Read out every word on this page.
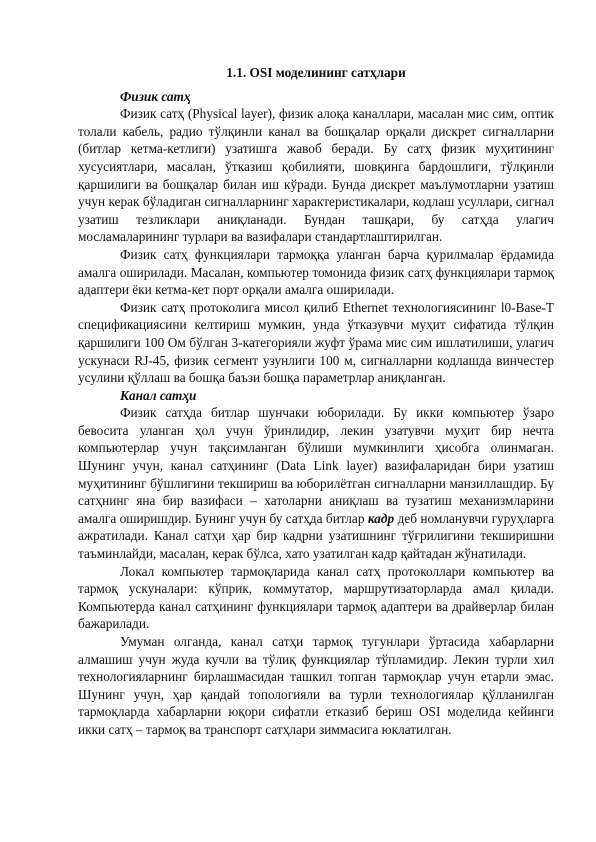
1.1. OSI моделининг сатҳлари
Физик сатҳ

Физик сатҳ (Physical layer), физик алоқа каналлари, масалан мис сим, оптик толали кабель, радио тўлқинли канал ва бошқалар орқали дискрет сигналларни (битлар кетма-кетлиги) узатишга жавоб беради. Бу сатҳ физик муҳитининг хусусиятлари, масалан, ўтказиш қобилияти, шовқинга бардошлиги, тўлқинли қаршилиги ва бошқалар билан иш кўради. Бунда дискрет маълумотларни узатиш учун керак бўладиган сигналларнинг характеристикалари, кодлаш усуллари, сигнал узатиш тезликлари аниқланади. Бундан ташқари, бу сатҳда улагич мосламаларининг турлари ва вазифалари стандартлаштирилган.

Физик сатҳ функциялари тармоққа уланган барча қурилмалар ёрдамида амалга оширилади. Масалан, компьютер томонида физик сатҳ функциялари тармоқ адаптери ёки кетма-кет порт орқали амалга оширилади.

Физик сатҳ протоколига мисол қилиб Ethernet технологиясининг l0-Base-T спецификациясини келтириш мумкин, унда ўтказувчи муҳит сифатида тўлқин қаршилиги 100 Ом бўлган 3-категорияли жуфт ўрама мис сим ишлатилиши, улагич ускунаси RJ-45, физик сегмент узунлиги 100 м, сигналларни кодлашда винчестер усулини қўллаш ва бошқа баъзи бошқа параметрлар аниқланган.

Канал сатҳи

Физик сатҳда битлар шунчаки юборилади. Бу икки компьютер ўзаро бевосита уланган ҳол учун ўринлидир, лекин узатувчи муҳит бир нечта компьютерлар учун тақсимланган бўлиши мумкинлиги ҳисобга олинмаган. Шунинг учун, канал сатҳининг (Data Link layer) вазифаларидан бири узатиш муҳитининг бўшлигини текшириш ва юборилётган сигналларни манзиллашдир. Бу сатҳнинг яна бир вазифаси – хатоларни аниқлаш ва тузатиш механизмларини амалга оширишдир. Бунинг учун бу сатҳда битлар кадр деб номланувчи гуруҳларга ажратилади. Канал сатҳи ҳар бир кадрни узатишнинг тўғрилигини текширишни таъминлайди, масалан, керак бўлса, хато узатилган кадр қайтадан жўнатилади.

Локал компьютер тармоқларида канал сатҳ протоколлари компьютер ва тармоқ ускуналари: кўприк, коммутатор, маршрутизаторларда амал қилади. Компьютерда канал сатҳининг функциялари тармоқ адаптери ва драйверлар билан бажарилади.

Умуман олганда, канал сатҳи тармоқ тугунлари ўртасида хабарларни алмашиш учун жуда кучли ва тўлиқ функциялар тўпламидир. Лекин турли хил технологияларнинг бирлашмасидан ташкил топган тармоқлар учун етарли эмас. Шунинг учун, ҳар қандай топологияли ва турли технологиялар қўлланилган тармоқларда хабарларни юқори сифатли етказиб бериш OSI моделида кейинги икки сатҳ – тармоқ ва транспорт сатҳлари зиммасига юклатилган.
